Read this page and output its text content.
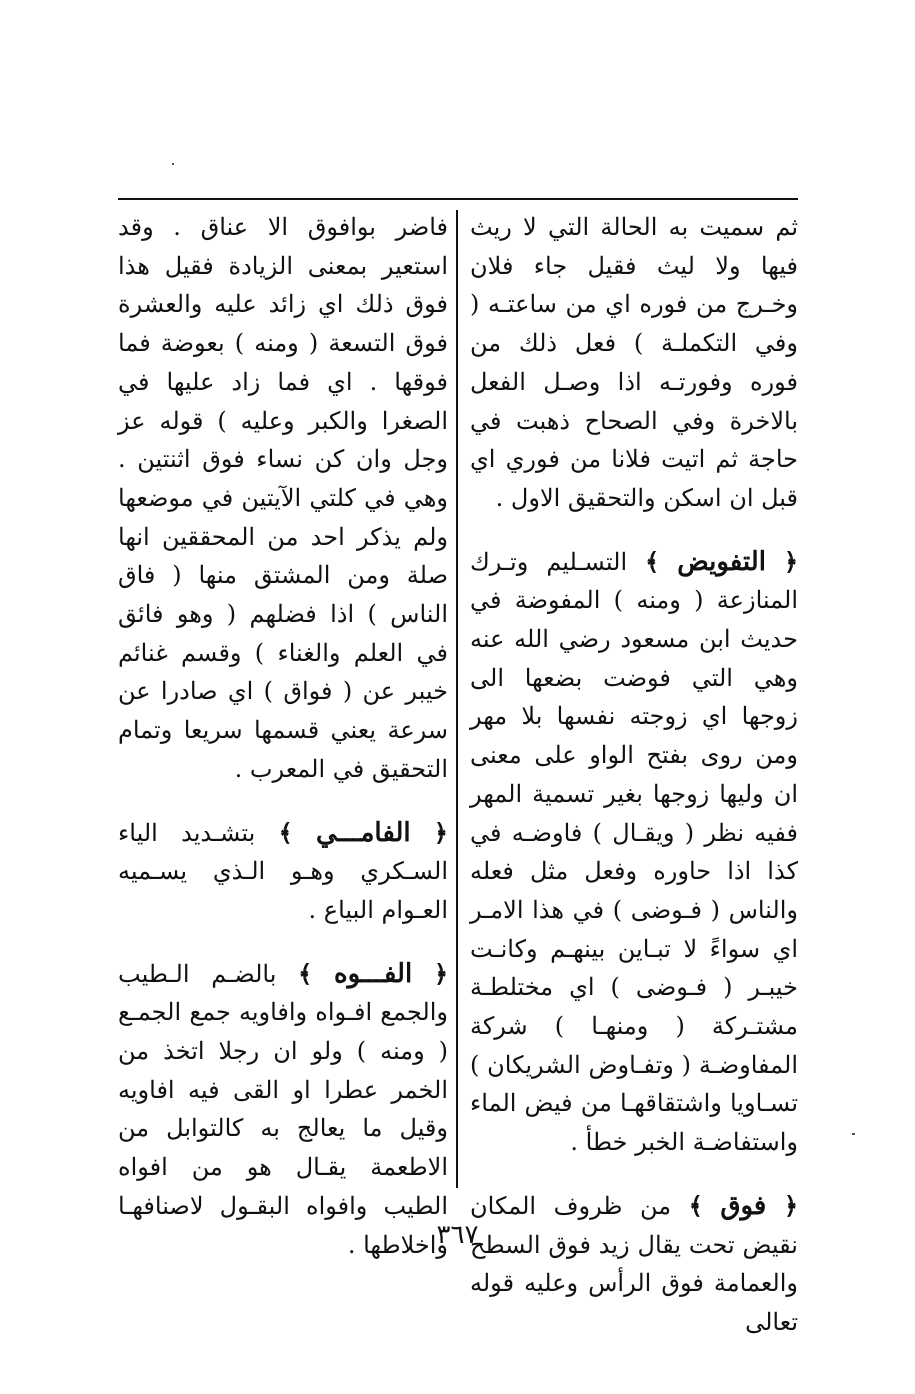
ثم سميت به الحالة التي لا ريث فيها ولا ليث فقيل جاء فلان وخـرج من فوره اي من ساعتـه ( وفي التكملـة ) فعل ذلك من فوره وفورتـه اذا وصـل الفعل بالاخرة وفي الصحاح ذهبت في حاجة ثم اتيت فلانا من فوري اي قبل ان اسكن والتحقيق الاول .

﴿ التفويض ﴾ التسـليم وتـرك المنازعة ( ومنه ) المفوضة في حديث ابن مسعود رضي الله عنه وهي التي فوضت بضعها الى زوجها اي زوجته نفسها بلا مهر ومن روى بفتح الواو على معنى ان وليها زوجها بغير تسمية المهر ففيه نظر ( ويقـال ) فاوضـه في كذا اذا حاوره وفعل مثل فعله والناس ( فـوضى ) في هذا الامـر اي سواءً لا تبـاين بينهـم وكانـت خيبـر ( فـوضى ) اي مختلطـة مشتـركة ( ومنهـا ) شركة المفاوضـة ( وتفـاوض الشريكان ) تسـاويا واشتقاقهـا من فيض الماء واستفاضـة الخبر خطأ .

﴿ فوق ﴾ من ظروف المكان نقيض تحت يقال زيد فوق السطح والعمامة فوق الرأس وعليه قوله تعالى

فاضر بوافوق الا عناق . وقد استعير بمعنى الزيادة فقيل هذا فوق ذلك اي زائد عليه والعشرة فوق التسعة ( ومنه ) بعوضة فما فوقها . اي فما زاد عليها في الصغرا والكبر وعليه ) قوله عز وجل وان كن نساء فوق اثنتين . وهي في كلتي الآيتين في موضعها ولم يذكر احد من المحققين انها صلة ومن المشتق منها ( فاق الناس ) اذا فضلهم ( وهو فائق في العلم والغناء ) وقسم غنائم خيبر عن ( فواق ) اي صادرا عن سرعة يعني قسمها سريعا وتمام التحقيق في المعرب .

﴿ الفامـــي ﴾ بتشـديد الياء السـكري وهـو الـذي يسـميه العـوام البياع .

﴿ الفـــوه ﴾ بالضـم الـطيب والجمع افـواه وافاويه جمع الجمـع ( ومنه ) ولو ان رجلا اتخذ من الخمر عطرا او القى فيه افاويه وقيل ما يعالج به كالتوابل من الاطعمة يقـال هو من افواه الطيب وافواه البقـول لاصنافهـا واخلاطها .

٣٦٧
